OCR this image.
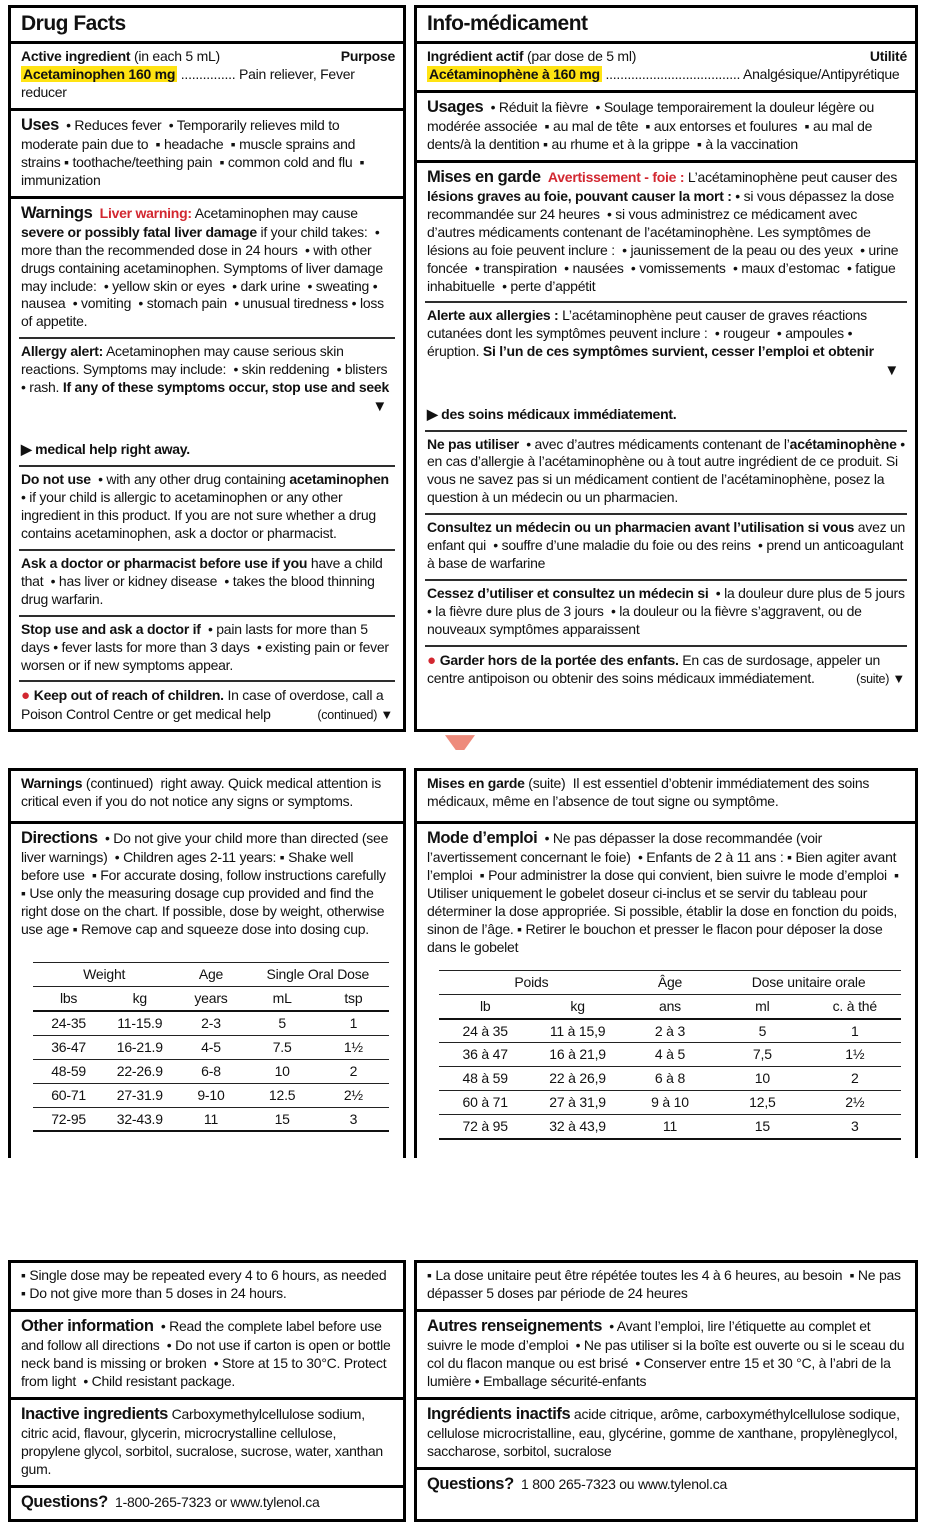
Drug Facts
Active ingredient (in each 5 mL)	Purpose
Acetaminophen 160 mg ............... Pain reliever, Fever reducer
Uses  • Reduces fever  • Temporarily relieves mild to moderate pain due to  ▪ headache  ▪ muscle sprains and strains ▪ toothache/teething pain  ▪ common cold and flu  ▪ immunization
Warnings Liver warning: Acetaminophen may cause severe or possibly fatal liver damage if your child takes:  • more than the recommended dose in 24 hours  • with other drugs containing acetaminophen. Symptoms of liver damage may include:  • yellow skin or eyes  • dark urine  • sweating • nausea  • vomiting  • stomach pain  • unusual tiredness • loss of appetite.
Allergy alert: Acetaminophen may cause serious skin reactions. Symptoms may include:  • skin reddening  • blisters  • rash. If any of these symptoms occur, stop use and seek
▼
▶ medical help right away.
Do not use  • with any other drug containing acetaminophen • if your child is allergic to acetaminophen or any other ingredient in this product. If you are not sure whether a drug contains acetaminophen, ask a doctor or pharmacist.
Ask a doctor or pharmacist before use if you have a child that  • has liver or kidney disease  • takes the blood thinning drug warfarin.
Stop use and ask a doctor if  • pain lasts for more than 5 days • fever lasts for more than 3 days  • existing pain or fever worsen or if new symptoms appear.
● Keep out of reach of children. In case of overdose, call a Poison Control Centre or get medical help	(continued) ▼
Info-médicament
Ingrédient actif (par dose de 5 ml)	Utilité
Acétaminophène à 160 mg ..................................... Analgésique/Antipyrétique
Usages  • Réduit la fièvre  • Soulage temporairement la douleur légère ou modérée associée  ▪ au mal de tête  ▪ aux entorses et foulures  ▪ au mal de dents/à la dentition ▪ au rhume et à la grippe  ▪ à la vaccination
Mises en garde Avertissement - foie : L’acétaminophène peut causer des lésions graves au foie, pouvant causer la mort : • si vous dépassez la dose recommandée sur 24 heures  • si vous administrez ce médicament avec d’autres médicaments contenant de l’acétaminophène. Les symptômes de lésions au foie peuvent inclure :  • jaunissement de la peau ou des yeux  • urine foncée  • transpiration  • nausées  • vomissements  • maux d’estomac  • fatigue inhabituelle  • perte d’appétit
Alerte aux allergies : L’acétaminophène peut causer de graves réactions cutanées dont les symptômes peuvent inclure :  • rougeur  • ampoules • éruption. Si l’un de ces symptômes survient, cesser l’emploi et obtenir
▼
▶ des soins médicaux immédiatement.
Ne pas utiliser  • avec d’autres médicaments contenant de l’acétaminophène • en cas d’allergie à l’acétaminophène ou à tout autre ingrédient de ce produit. Si vous ne savez pas si un médicament contient de l’acétaminophène, posez la question à un médecin ou un pharmacien.
Consultez un médecin ou un pharmacien avant l’utilisation si vous avez un enfant qui  • souffre d’une maladie du foie ou des reins  • prend un anticoagulant à base de warfarine
Cessez d’utiliser et consultez un médecin si  • la douleur dure plus de 5 jours • la fièvre dure plus de 3 jours  • la douleur ou la fièvre s’aggravent, ou de nouveaux symptômes apparaissent
● Garder hors de la portée des enfants. En cas de surdosage, appeler un centre antipoison ou obtenir des soins médicaux immédiatement.	(suite) ▼
Warnings (continued)  right away. Quick medical attention is critical even if you do not notice any signs or symptoms.
Directions  • Do not give your child more than directed (see liver warnings)  • Children ages 2-11 years: ▪ Shake well before use  ▪ For accurate dosing, follow instructions carefully  ▪ Use only the measuring dosage cup provided and find the right dose on the chart. If possible, dose by weight, otherwise use age ▪ Remove cap and squeeze dose into dosing cup.
Weight		Age	Single Oral Dose	
lbs	kg	years	mL	tsp
24-35	11-15.9	2-3	5	1
36-47	16-21.9	4-5	7.5	1½
48-59	22-26.9	6-8	10	2
60-71	27-31.9	9-10	12.5	2½
72-95	32-43.9	11	15	3
Mises en garde (suite)  Il est essentiel d’obtenir immédiatement des soins médicaux, même en l’absence de tout signe ou symptôme.
Mode d’emploi  • Ne pas dépasser la dose recommandée (voir l’avertissement concernant le foie)  • Enfants de 2 à 11 ans : ▪ Bien agiter avant l’emploi  ▪ Pour administrer la dose qui convient, bien suivre le mode d’emploi  ▪ Utiliser uniquement le gobelet doseur ci-inclus et se servir du tableau pour déterminer la dose appropriée. Si possible, établir la dose en fonction du poids, sinon de l’âge. ▪ Retirer le bouchon et presser le flacon pour déposer la dose dans le gobelet
Poids		Âge	Dose unitaire orale	
lb	kg	ans	ml	c. à thé
24 à 35	11 à 15,9	2 à 3	5	1
36 à 47	16 à 21,9	4 à 5	7,5	1½
48 à 59	22 à 26,9	6 à 8	10	2
60 à 71	27 à 31,9	9 à 10	12,5	2½
72 à 95	32 à 43,9	11	15	3
▪ Single dose may be repeated every 4 to 6 hours, as needed
▪ Do not give more than 5 doses in 24 hours.
Other information  • Read the complete label before use and follow all directions  • Do not use if carton is open or bottle neck band is missing or broken  • Store at 15 to 30°C. Protect from light  • Child resistant package.
Inactive ingredients Carboxymethylcellulose sodium, citric acid, flavour, glycerin, microcrystalline cellulose, propylene glycol, sorbitol, sucralose, sucrose, water, xanthan gum.
Questions?  1-800-265-7323 or www.tylenol.ca
▪ La dose unitaire peut être répétée toutes les 4 à 6 heures, au besoin  ▪ Ne pas dépasser 5 doses par période de 24 heures
Autres renseignements  • Avant l’emploi, lire l’étiquette au complet et suivre le mode d’emploi  • Ne pas utiliser si la boîte est ouverte ou si le sceau du col du flacon manque ou est brisé  • Conserver entre 15 et 30 °C, à l’abri de la lumière • Emballage sécurité-enfants
Ingrédients inactifs acide citrique, arôme, carboxyméthylcellulose sodique, cellulose microcristalline, eau, glycérine, gomme de xanthane, propylèneglycol, saccharose, sorbitol, sucralose
Questions?  1 800 265-7323 ou www.tylenol.ca
